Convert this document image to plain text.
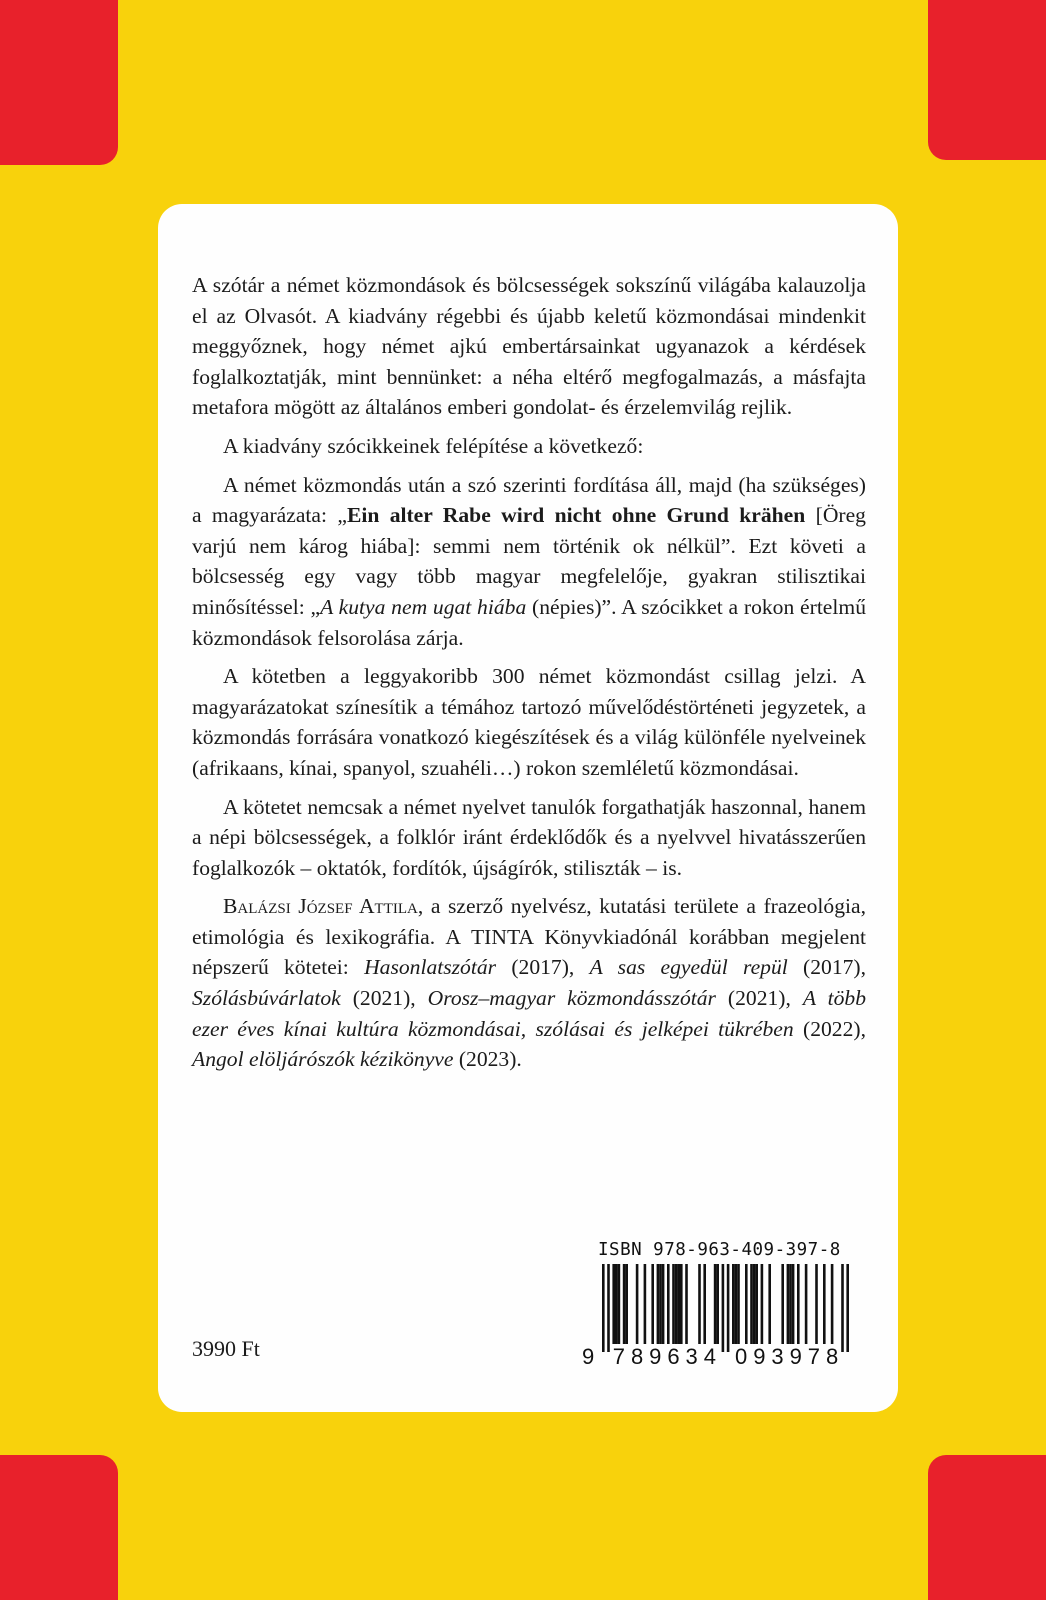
A szótár a német közmondások és bölcsességek sokszínű világába kalauzolja el az Olvasót. A kiadvány régebbi és újabb keletű közmondásai mindenkit meggyőznek, hogy német ajkú embertársainkat ugyanazok a kérdések foglalkoztatják, mint bennünket: a néha eltérő megfogalmazás, a másfajta metafora mögött az általános emberi gondolat- és érzelemvilág rejlik.

A kiadvány szócikkeinek felépítése a következő:

A német közmondás után a szó szerinti fordítása áll, majd (ha szükséges) a magyarázata: „Ein alter Rabe wird nicht ohne Grund krähen [Öreg varjú nem károg hiába]: semmi nem történik ok nélkül”. Ezt követi a bölcsesség egy vagy több magyar megfelelője, gyakran stilisztikai minősítéssel: „A kutya nem ugat hiába (népies)”. A szócikket a rokon értelmű közmondások felsorolása zárja.

A kötetben a leggyakoribb 300 német közmondást csillag jelzi. A magyarázatokat színesítik a témához tartozó művelődéstörténeti jegyzetek, a közmondás forrására vonatkozó kiegészítések és a világ különféle nyelveinek (afrikaans, kínai, spanyol, szuahéli…) rokon szemléletű közmondásai.

A kötetet nemcsak a német nyelvet tanulók forgathatják haszonnal, hanem a népi bölcsességek, a folklór iránt érdeklődők és a nyelvvel hivatásszerűen foglalkozók – oktatók, fordítók, újságírók, stiliszták – is.

Balázsi József Attila, a szerző nyelvész, kutatási területe a frazeológia, etimológia és lexikográfia. A TINTA Könyvkiadónál korábban megjelent népszerű kötetei: Hasonlatszótár (2017), A sas egyedül repül (2017), Szólásbúvárlatok (2021), Orosz–magyar közmondásszótár (2021), A több ezer éves kínai kultúra közmondásai, szólásai és jelképei tükrében (2022), Angol elöljárószók kézikönyve (2023).

3990 Ft
ISBN 978-963-409-397-8
9 789634 093978
